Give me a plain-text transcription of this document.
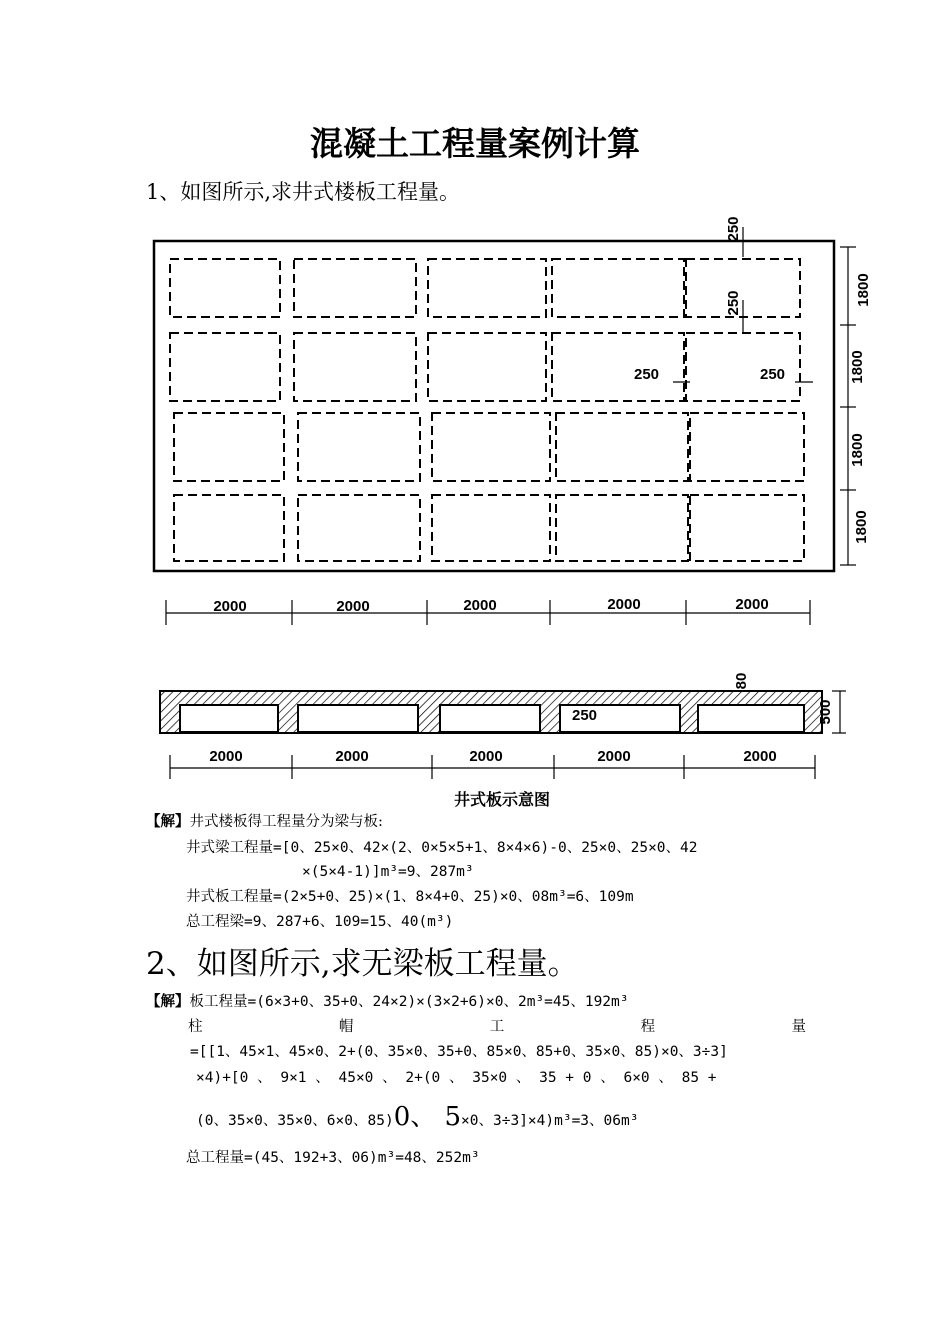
混凝土工程量案例计算
1、如图所示,求井式楼板工程量。
1800
1800
1800
1800
250
250
250	250
2000	2000	2000	2000	2000
500
80
250
2000	2000	2000	2000	2000
井式板示意图
【解】井式楼板得工程量分为梁与板:
井式梁工程量=[0、25×0、42×(2、0×5×5+1、8×4×6)-0、25×0、25×0、42
×(5×4-1)]m³=9、287m³
井式板工程量=(2×5+0、25)×(1、8×4+0、25)×0、08m³=6、109m
总工程梁=9、287+6、109=15、40(m³)
2、如图所示,求无梁板工程量。
【解】板工程量=(6×3+0、35+0、24×2)×(3×2+6)×0、2m³=45、192m³
柱	帽	工	程	量
=[[1、45×1、45×0、2+(0、35×0、35+0、85×0、85+0、35×0、85)×0、3÷3]
×4)+[0 、 9×1 、 45×0 、 2+(0 、 35×0 、 35 + 0 、 6×0 、 85 +
(0、35×0、35×0、6×0、85)0、 5×0、3÷3]×4)m³=3、06m³
总工程量=(45、192+3、06)m³=48、252m³
